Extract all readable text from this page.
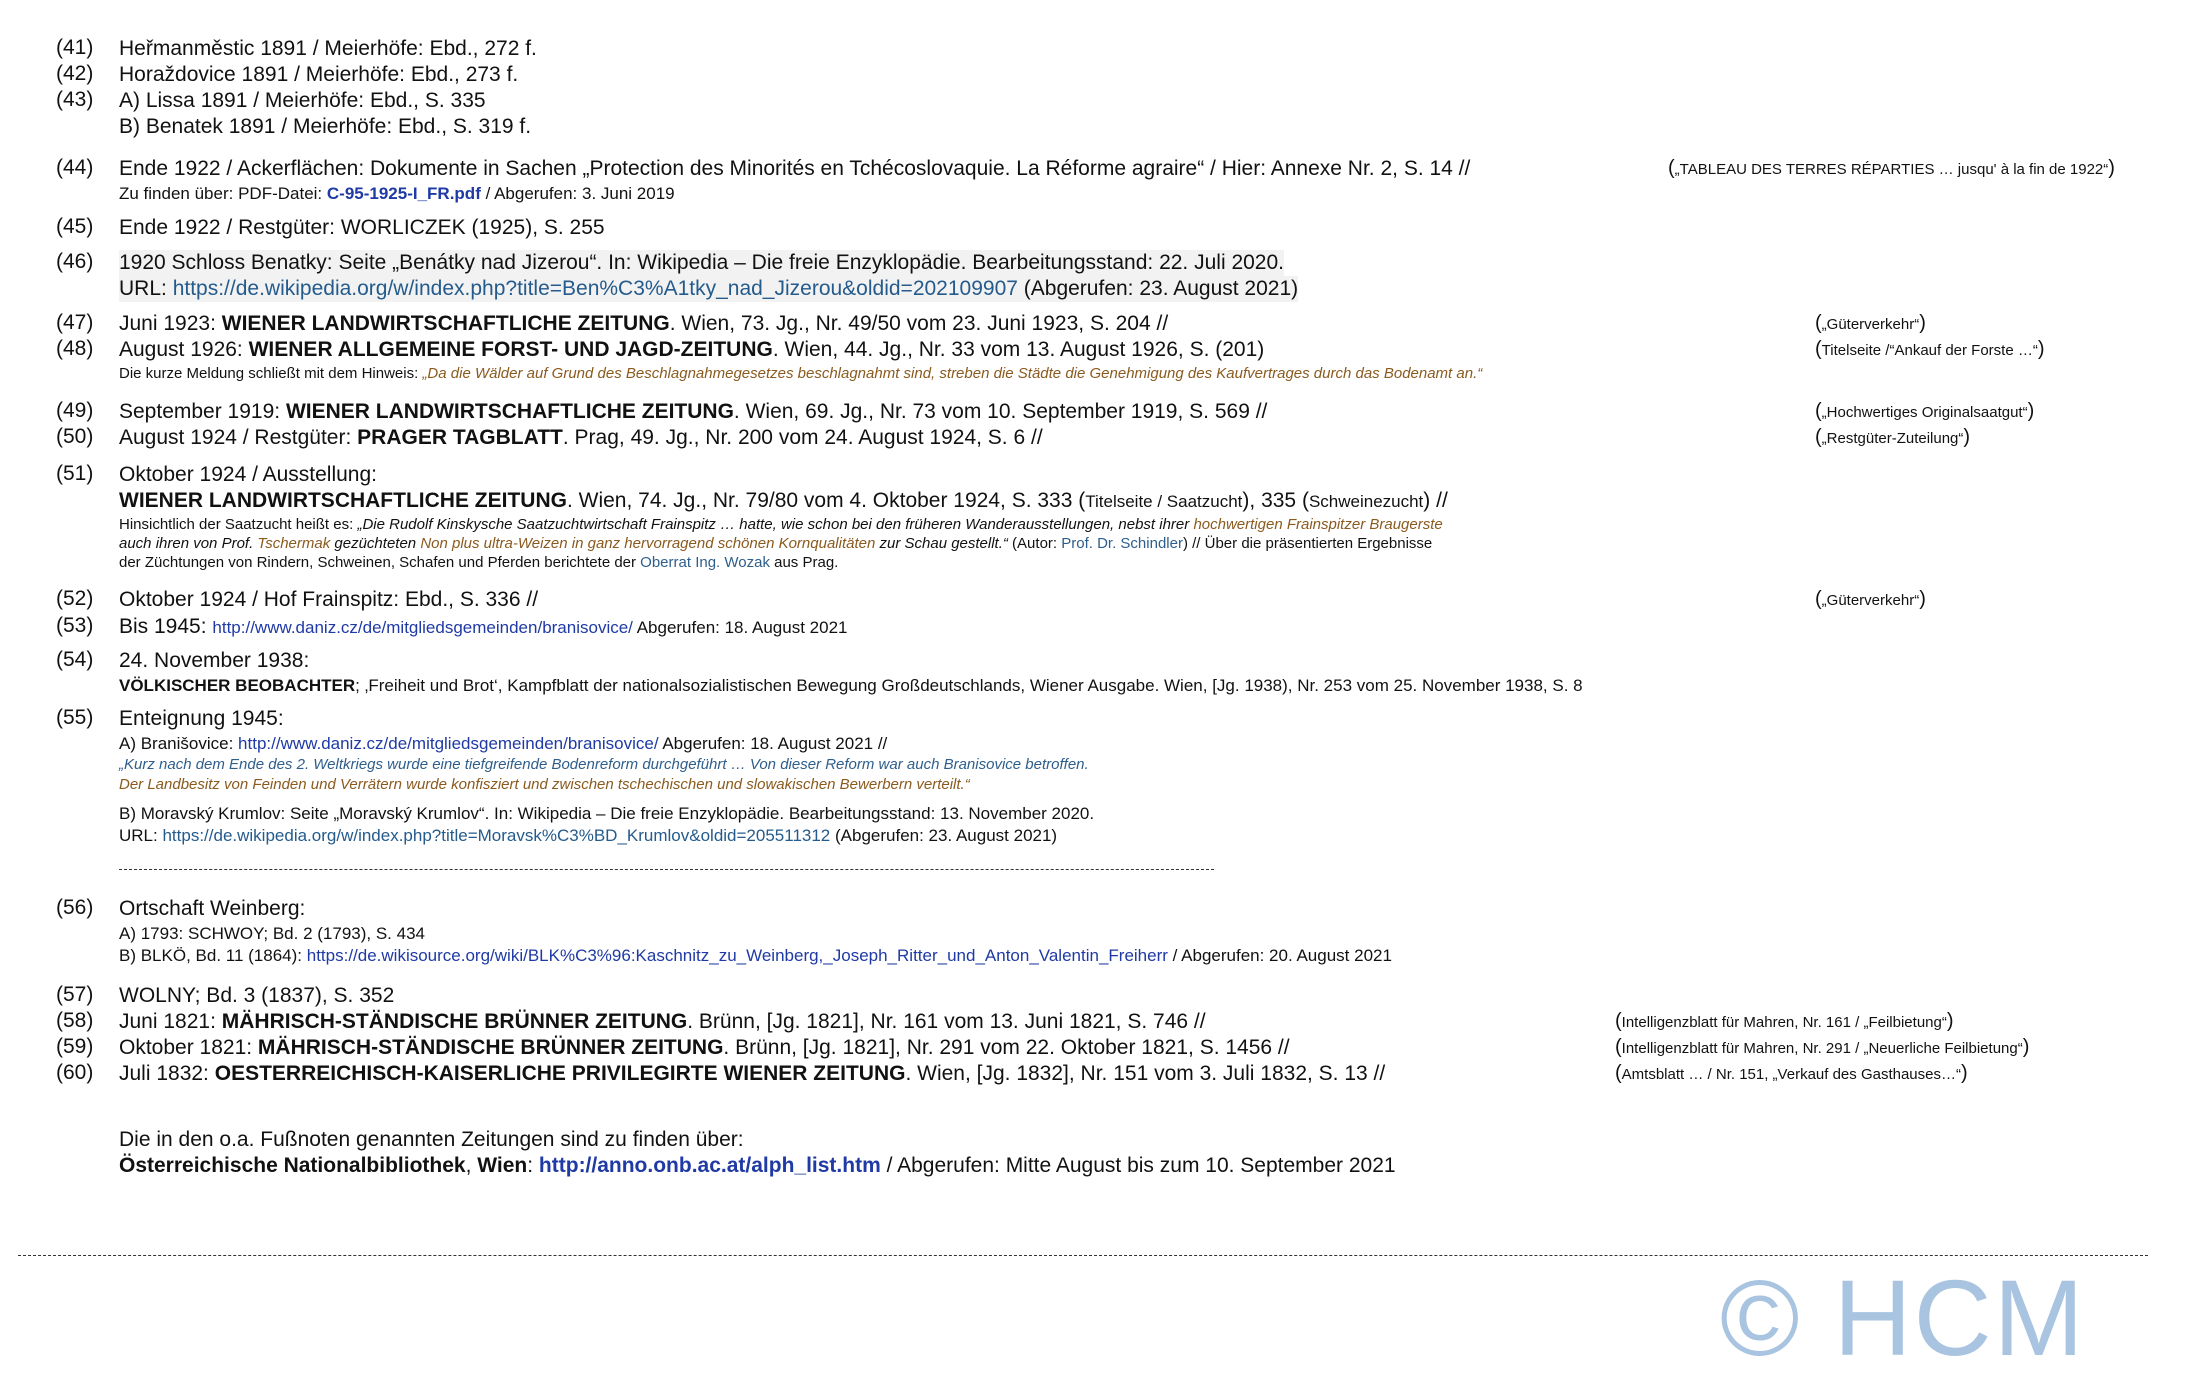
(41)	Heřmanměstic 1891 / Meierhöfe: Ebd., 272 f.
(42)	Horaždovice 1891 / Meierhöfe: Ebd., 273 f.
(43)	A) Lissa 1891 / Meierhöfe: Ebd., S. 335
B) Benatek 1891 / Meierhöfe: Ebd., S. 319 f.
(44)	Ende 1922 / Ackerflächen: Dokumente in Sachen „Protection des Minorités en Tchécoslovaquie. La Réforme agraire“ / Hier: Annexe Nr. 2, S. 14 //
Zu finden über: PDF-Datei: C-95-1925-I_FR.pdf / Abgerufen: 3. Juni 2019
(„TABLEAU DES TERRES RÉPARTIES … jusqu' à la fin de 1922“)
(45)	Ende 1922 / Restgüter: WORLICZEK (1925), S. 255
(46)	1920 Schloss Benatky: Seite „Benátky nad Jizerou“. In: Wikipedia – Die freie Enzyklopädie. Bearbeitungsstand: 22. Juli 2020.
URL: https://de.wikipedia.org/w/index.php?title=Ben%C3%A1tky_nad_Jizerou&oldid=202109907 (Abgerufen: 23. August 2021)
(47)	Juni 1923: WIENER LANDWIRTSCHAFTLICHE ZEITUNG. Wien, 73. Jg., Nr. 49/50 vom 23. Juni 1923, S. 204 //	(„Güterverkehr“)
(48)	August 1926: WIENER ALLGEMEINE FORST- UND JAGD-ZEITUNG. Wien, 44. Jg., Nr. 33 vom 13. August 1926, S. (201)
Die kurze Meldung schließt mit dem Hinweis: „Da die Wälder auf Grund des Beschlagnahmegesetzes beschlagnahmt sind, streben die Städte die Genehmigung des Kaufvertrages durch das Bodenamt an.“
(Titelseite /“Ankauf der Forste …“)
(49)	September 1919: WIENER LANDWIRTSCHAFTLICHE ZEITUNG. Wien, 69. Jg., Nr. 73 vom 10. September 1919, S. 569 //	(„Hochwertiges Originalsaatgut“)
(50)	August 1924 / Restgüter: PRAGER TAGBLATT. Prag, 49. Jg., Nr. 200 vom 24. August 1924, S. 6 //	(„Restgüter-Zuteilung“)
(51)	Oktober 1924 / Ausstellung:
WIENER LANDWIRTSCHAFTLICHE ZEITUNG. Wien, 74. Jg., Nr. 79/80 vom 4. Oktober 1924, S. 333 (Titelseite / Saatzucht), 335 (Schweinezucht) //
Hinsichtlich der Saatzucht heißt es: „Die Rudolf Kinskysche Saatzuchtwirtschaft Frainspitz … hatte, wie schon bei den früheren Wanderausstellungen, nebst ihrer hochwertigen Frainspitzer Braugerste
auch ihren von Prof. Tschermak gezüchteten Non plus ultra-Weizen in ganz hervorragend schönen Kornqualitäten zur Schau gestellt.“ (Autor: Prof. Dr. Schindler) // Über die präsentierten Ergebnisse
der Züchtungen von Rindern, Schweinen, Schafen und Pferden berichtete der Oberrat Ing. Wozak aus Prag.
(52)	Oktober 1924 / Hof Frainspitz: Ebd., S. 336 //	(„Güterverkehr“)
(53)	Bis 1945: http://www.daniz.cz/de/mitgliedsgemeinden/branisovice/ Abgerufen: 18. August 2021
(54)	24. November 1938:
VÖLKISCHER BEOBACHTER; ‚Freiheit und Brot‘, Kampfblatt der nationalsozialistischen Bewegung Großdeutschlands, Wiener Ausgabe. Wien, [Jg. 1938), Nr. 253 vom 25. November 1938, S. 8
(55)	Enteignung 1945:
A) Branišovice: http://www.daniz.cz/de/mitgliedsgemeinden/branisovice/ Abgerufen: 18. August 2021 //
„Kurz nach dem Ende des 2. Weltkriegs wurde eine tiefgreifende Bodenreform durchgeführt … Von dieser Reform war auch Branisovice betroffen.
Der Landbesitz von Feinden und Verrätern wurde konfisziert und zwischen tschechischen und slowakischen Bewerbern verteilt.“
B) Moravský Krumlov: Seite „Moravský Krumlov“. In: Wikipedia – Die freie Enzyklopädie. Bearbeitungsstand: 13. November 2020.
URL: https://de.wikipedia.org/w/index.php?title=Moravsk%C3%BD_Krumlov&oldid=205511312 (Abgerufen: 23. August 2021)
(56)	Ortschaft Weinberg:
A) 1793: SCHWOY; Bd. 2 (1793), S. 434
B) BLKÖ, Bd. 11 (1864): https://de.wikisource.org/wiki/BLK%C3%96:Kaschnitz_zu_Weinberg,_Joseph_Ritter_und_Anton_Valentin_Freiherr / Abgerufen: 20. August 2021
(57)	WOLNY; Bd. 3 (1837), S. 352
(58)	Juni 1821: MÄHRISCH-STÄNDISCHE BRÜNNER ZEITUNG. Brünn, [Jg. 1821], Nr. 161 vom 13. Juni 1821, S. 746 //	(Intelligenzblatt für Mahren, Nr. 161 / „Feilbietung“)
(59)	Oktober 1821: MÄHRISCH-STÄNDISCHE BRÜNNER ZEITUNG. Brünn, [Jg. 1821], Nr. 291 vom 22. Oktober 1821, S. 1456 //	(Intelligenzblatt für Mahren, Nr. 291 / „Neuerliche Feilbietung“)
(60)	Juli 1832: OESTERREICHISCH-KAISERLICHE PRIVILEGIRTE WIENER ZEITUNG. Wien, [Jg. 1832], Nr. 151 vom 3. Juli 1832, S. 13 //	(Amtsblatt … / Nr. 151, „Verkauf des Gasthauses…“)
Die in den o.a. Fußnoten genannten Zeitungen sind zu finden über:
Österreichische Nationalbibliothek, Wien: http://anno.onb.ac.at/alph_list.htm / Abgerufen: Mitte August bis zum 10. September 2021
© HCM
